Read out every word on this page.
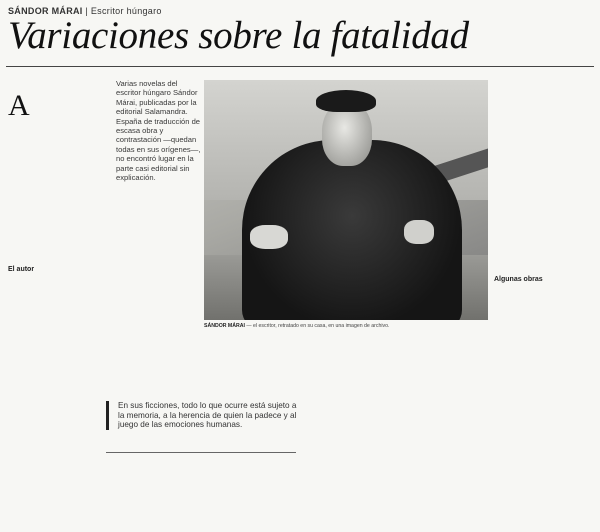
SÁNDOR MÁRAI | Escritor húngaro
Variaciones sobre la fatalidad
A
El autor
Varias novelas del escritor húngaro Sándor Márai, publicadas por la editorial Salamandra. España de traducción de escasa obra y contrastación —quedan todas en sus orígenes—, no encontró lugar en la parte casi editorial sin explicación.
SÁNDOR MÁRAI — el escritor, retratado en su casa, en una imagen de archivo.
Algunas obras
En sus ficciones, todo lo que ocurre está sujeto a la memoria, a la herencia de quien la padece y al juego de las emociones humanas.
